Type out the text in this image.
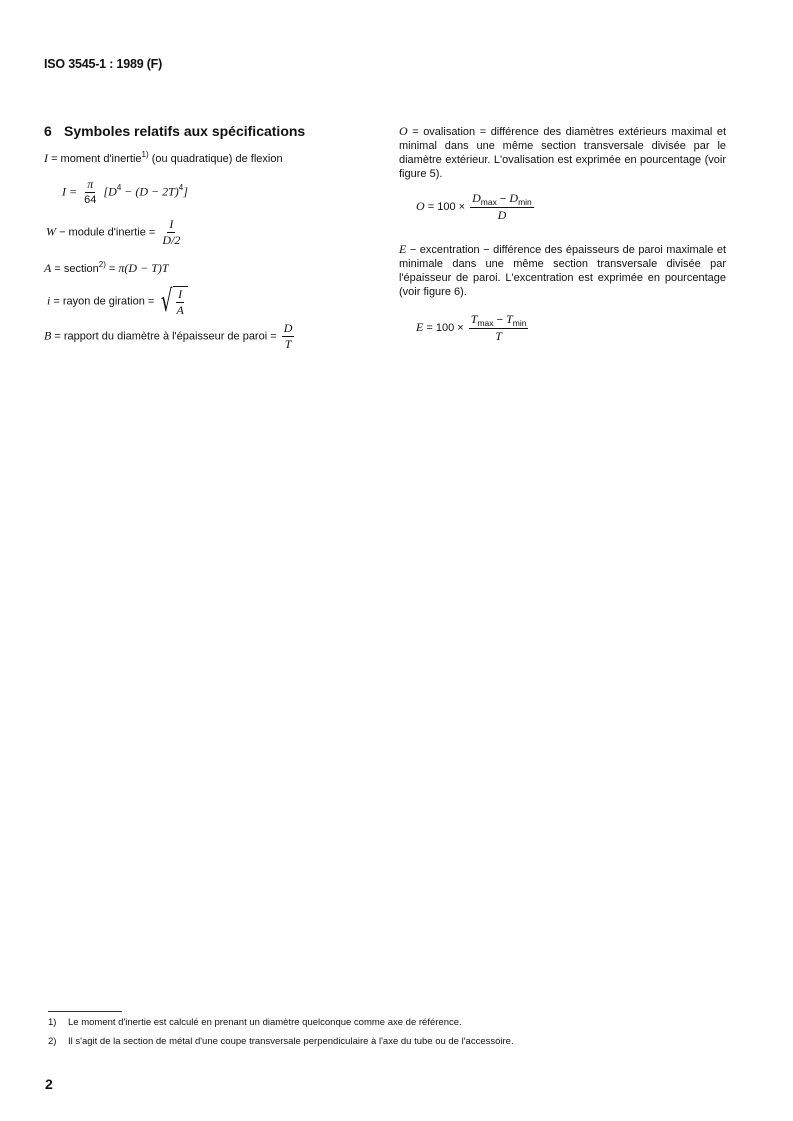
ISO 3545-1 : 1989 (F)
6 Symboles relatifs aux spécifications
I = moment d'inertie$^{1)}$ (ou quadratique) de flexion
$I = \frac{\pi}{64} [D^4 - (D - 2T)^4]$
W − module d'inertie = $\frac{I}{D/2}$
A = section$^{2)}$ = π(D − T)T
i = rayon de giration = √ $\frac{I}{A}$
B = rapport du diamètre à l'épaisseur de paroi = $\frac{D}{T}$
O = ovalisation = différence des diamètres extérieurs maximal et minimal dans une même section transversale divisée par le diamètre extérieur. L'ovalisation est exprimée en pourcentage (voir figure 5).
$O = 100 \times \frac{D_{max} - D_{min}}{D}$
E − excentration − différence des épaisseurs de paroi maximale et minimale dans une même section transversale divisée par l'épaisseur de paroi. L'excentration est exprimée en pourcentage (voir figure 6).
$E = 100 \times \frac{T_{max} - T_{min}}{T}$
1) Le moment d'inertie est calculé en prenant un diamètre quelconque comme axe de référence.
2) Il s'agit de la section de métal d'une coupe transversale perpendiculaire à l'axe du tube ou de l'accessoire.
2
